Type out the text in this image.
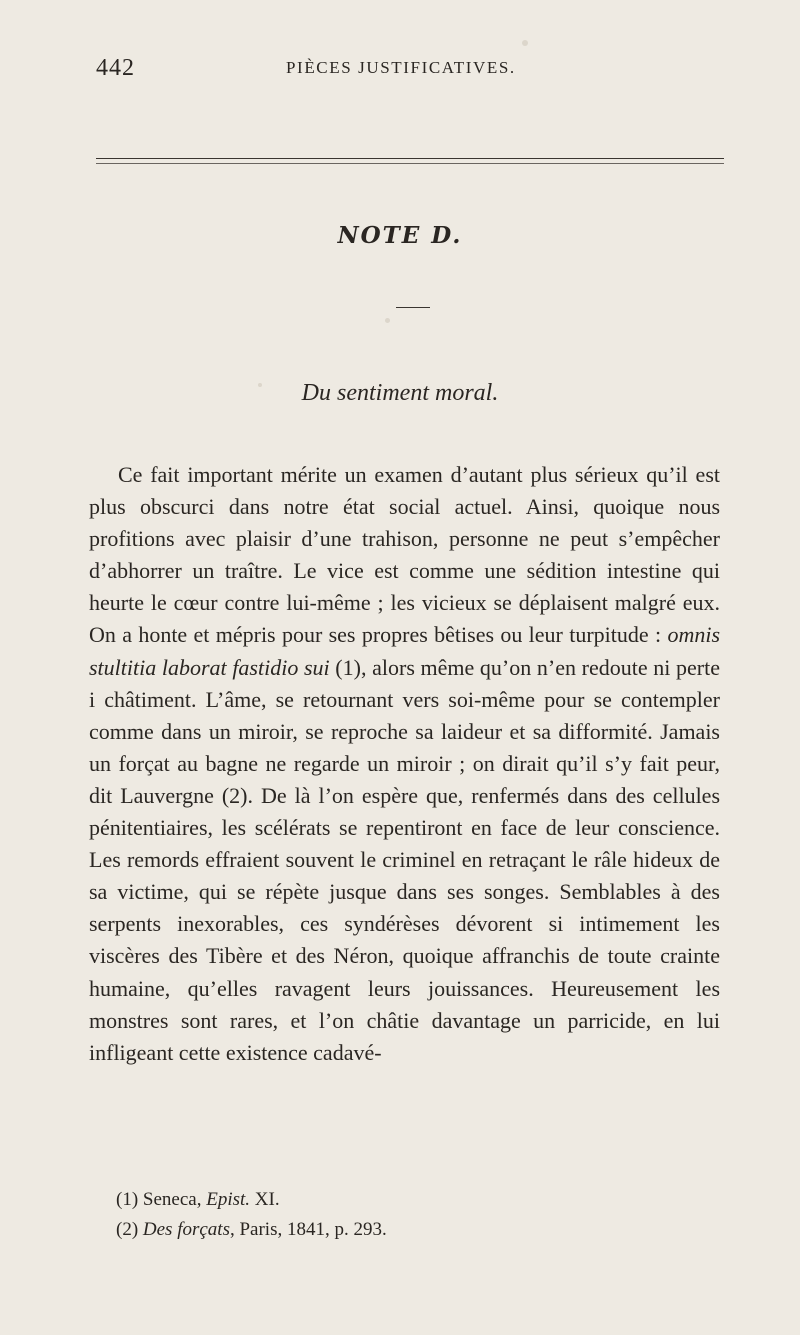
442	PIÈCES JUSTIFICATIVES.
NOTE D.
Du sentiment moral.

Ce fait important mérite un examen d’autant plus sérieux qu’il est plus obscurci dans notre état social actuel. Ainsi, quoique nous profitions avec plaisir d’une trahison, personne ne peut s’empêcher d’abhorrer un traître. Le vice est comme une sédition intestine qui heurte le cœur contre lui-même ; les vicieux se déplaisent malgré eux. On a honte et mépris pour ses propres bêtises ou leur turpitude : omnis stultitia laborat fastidio sui (1), alors même qu’on n’en redoute ni perte i châtiment. L’âme, se retournant vers soi-même pour se contempler comme dans un miroir, se reproche sa laideur et sa difformité. Jamais un forçat au bagne ne regarde un miroir ; on dirait qu’il s’y fait peur, dit Lauvergne (2). De là l’on espère que, renfermés dans des cellules pénitentiaires, les scélérats se repentiront en face de leur conscience. Les remords effraient souvent le criminel en retraçant le râle hideux de sa victime, qui se répète jusque dans ses songes. Semblables à des serpents inexorables, ces syndérèses dévorent si intimement les viscères des Tibère et des Néron, quoique affranchis de toute crainte humaine, qu’elles ravagent leurs jouissances. Heureusement les monstres sont rares, et l’on châtie davantage un parricide, en lui infligeant cette existence cadavé-

(1) Seneca, Epist. XI.
(2) Des forçats, Paris, 1841, p. 293.
